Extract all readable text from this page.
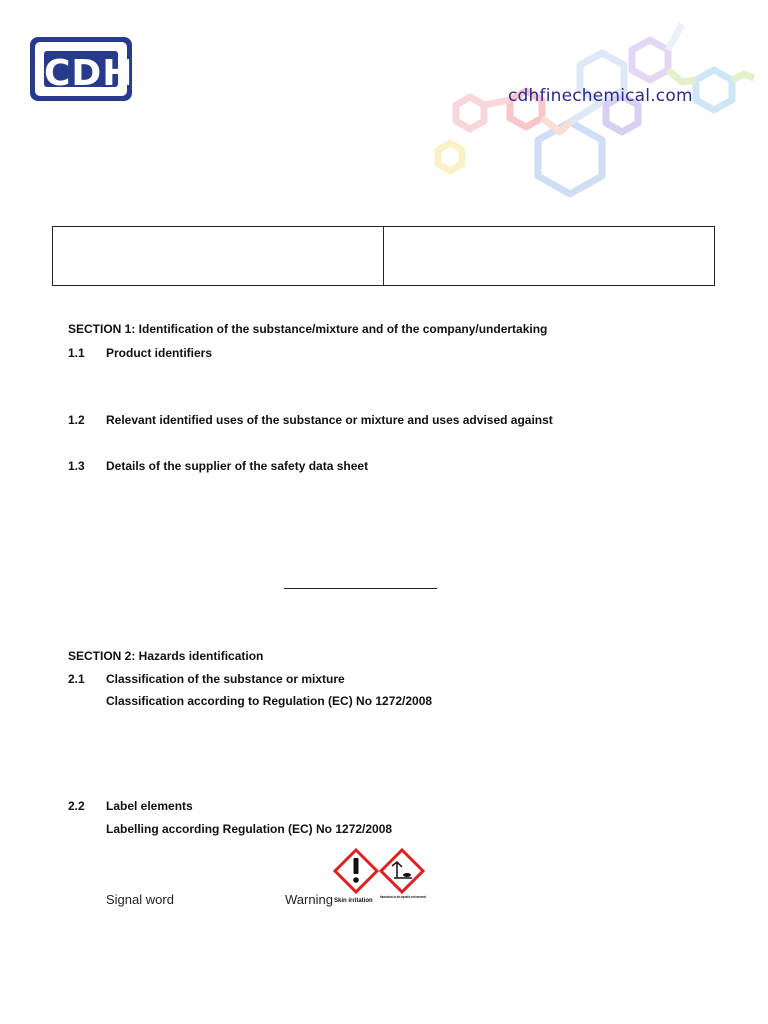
CDH
cdhfinechemical.com
SECTION 1: Identification of the substance/mixture and of the company/undertaking
1.1 Product identifiers
1.2 Relevant identified uses of the substance or mixture and uses advised against
1.3 Details of the supplier of the safety data sheet
SECTION 2: Hazards identification
2.1 Classification of the substance or mixture
Classification according to Regulation (EC) No 1272/2008
2.2 Label elements
Labelling according Regulation (EC) No 1272/2008
Signal word	Warning Skin irritation
Hazardous to the aquatic environment
